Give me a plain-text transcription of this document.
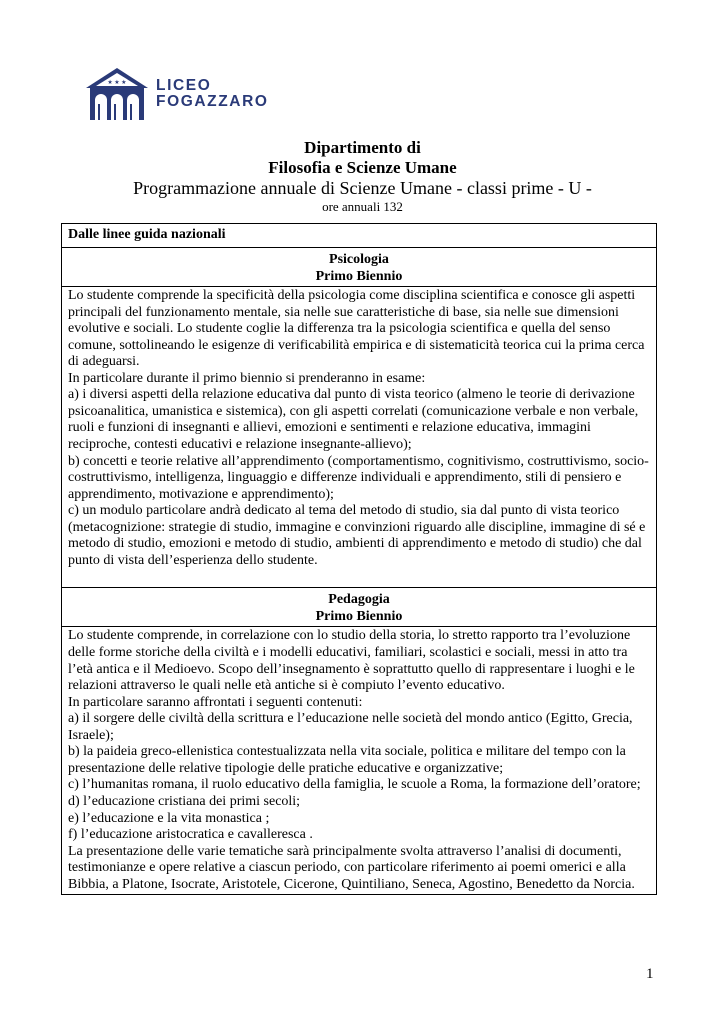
★ ★ ★ LICEO
FOGAZZARO
Dipartimento di
Filosofia e Scienze Umane
Programmazione annuale di Scienze Umane - classi prime - U -
ore annuali 132
Dalle linee guida nazionali

Psicologia
Primo Biennio

Lo studente comprende la specificità della psicologia come disciplina scientifica e conosce gli aspetti principali del funzionamento mentale, sia nelle sue caratteristiche di base, sia nelle sue dimensioni evolutive e sociali. Lo studente coglie la differenza tra la psicologia scientifica e quella del senso comune, sottolineando le esigenze di verificabilità empirica e di sistematicità teorica cui la prima cerca di adeguarsi.

In particolare durante il primo biennio si prenderanno in esame:

a) i diversi aspetti della relazione educativa dal punto di vista teorico (almeno le teorie di derivazione psicoanalitica, umanistica e sistemica), con gli aspetti correlati (comunicazione verbale e non verbale, ruoli e funzioni di insegnanti e allievi, emozioni e sentimenti e relazione educativa, immagini reciproche, contesti educativi e relazione insegnante-allievo);

b) concetti e teorie relative all’apprendimento (comportamentismo, cognitivismo, costruttivismo, socio-costruttivismo, intelligenza, linguaggio e differenze individuali e apprendimento, stili di pensiero e apprendimento, motivazione e apprendimento);

c) un modulo particolare andrà dedicato al tema del metodo di studio, sia dal punto di vista teorico (metacognizione: strategie di studio, immagine e convinzioni riguardo alle discipline, immagine di sé e metodo di studio, emozioni e metodo di studio, ambienti di apprendimento e metodo di studio) che dal punto di vista dell’esperienza dello studente.

Pedagogia
Primo Biennio

Lo studente comprende, in correlazione con lo studio della storia, lo stretto rapporto tra l’evoluzione delle forme storiche della civiltà e i modelli educativi, familiari, scolastici e sociali, messi in atto tra l’età antica e il Medioevo. Scopo dell’insegnamento è soprattutto quello di rappresentare i luoghi e le relazioni attraverso le quali nelle età antiche si è compiuto l’evento educativo.

In particolare saranno affrontati i seguenti contenuti:

a) il sorgere delle civiltà della scrittura e l’educazione nelle società del mondo antico (Egitto, Grecia, Israele);

b) la paideia greco-ellenistica contestualizzata nella vita sociale, politica e militare del tempo con la presentazione delle relative tipologie delle pratiche educative e organizzative;

c) l’humanitas romana, il ruolo educativo della famiglia, le scuole a Roma, la formazione dell’oratore;

d) l’educazione cristiana dei primi secoli;

e) l’educazione e la vita monastica ;

f) l’educazione aristocratica e cavalleresca .

La presentazione delle varie tematiche sarà principalmente svolta attraverso l’analisi di documenti, testimonianze e opere relative a ciascun periodo, con particolare riferimento ai poemi omerici e alla Bibbia, a Platone, Isocrate, Aristotele, Cicerone, Quintiliano, Seneca, Agostino, Benedetto da Norcia.

1
